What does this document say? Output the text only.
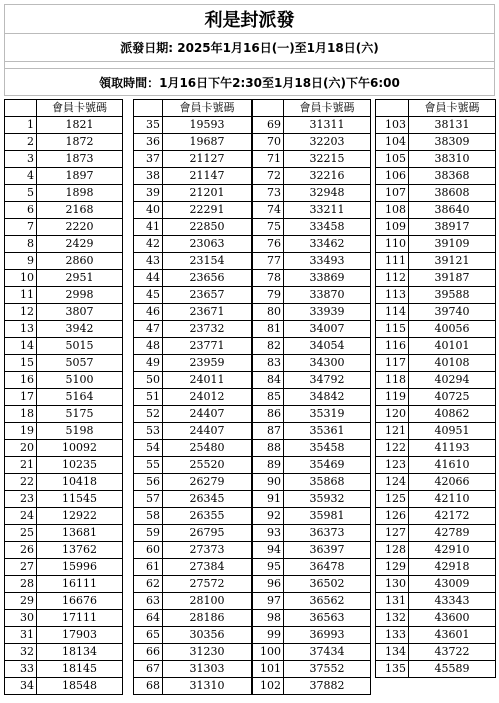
利是封派發
派發日期: 2025年1月16日(一)至1月18日(六)
領取時間：1月16日下午2:30至1月18日(六)下午6:00
	會員卡號碼
1	1821
2	1872
3	1873
4	1897
5	1898
6	2168
7	2220
8	2429
9	2860
10	2951
11	2998
12	3807
13	3942
14	5015
15	5057
16	5100
17	5164
18	5175
19	5198
20	10092
21	10235
22	10418
23	11545
24	12922
25	13681
26	13762
27	15996
28	16111
29	16676
30	17111
31	17903
32	18134
33	18145
34	18548
	會員卡號碼
35	19593
36	19687
37	21127
38	21147
39	21201
40	22291
41	22850
42	23063
43	23154
44	23656
45	23657
46	23671
47	23732
48	23771
49	23959
50	24011
51	24012
52	24407
53	24407
54	25480
55	25520
56	26279
57	26345
58	26355
59	26795
60	27373
61	27384
62	27572
63	28100
64	28186
65	30356
66	31230
67	31303
68	31310
	會員卡號碼
69	31311
70	32203
71	32215
72	32216
73	32948
74	33211
75	33458
76	33462
77	33493
78	33869
79	33870
80	33939
81	34007
82	34054
83	34300
84	34792
85	34842
86	35319
87	35361
88	35458
89	35469
90	35868
91	35932
92	35981
93	36373
94	36397
95	36478
96	36502
97	36562
98	36563
99	36993
100	37434
101	37552
102	37882
	會員卡號碼
103	38131
104	38309
105	38310
106	38368
107	38608
108	38640
109	38917
110	39109
111	39121
112	39187
113	39588
114	39740
115	40056
116	40101
117	40108
118	40294
119	40725
120	40862
121	40951
122	41193
123	41610
124	42066
125	42110
126	42172
127	42789
128	42910
129	42918
130	43009
131	43343
132	43600
133	43601
134	43722
135	45589
